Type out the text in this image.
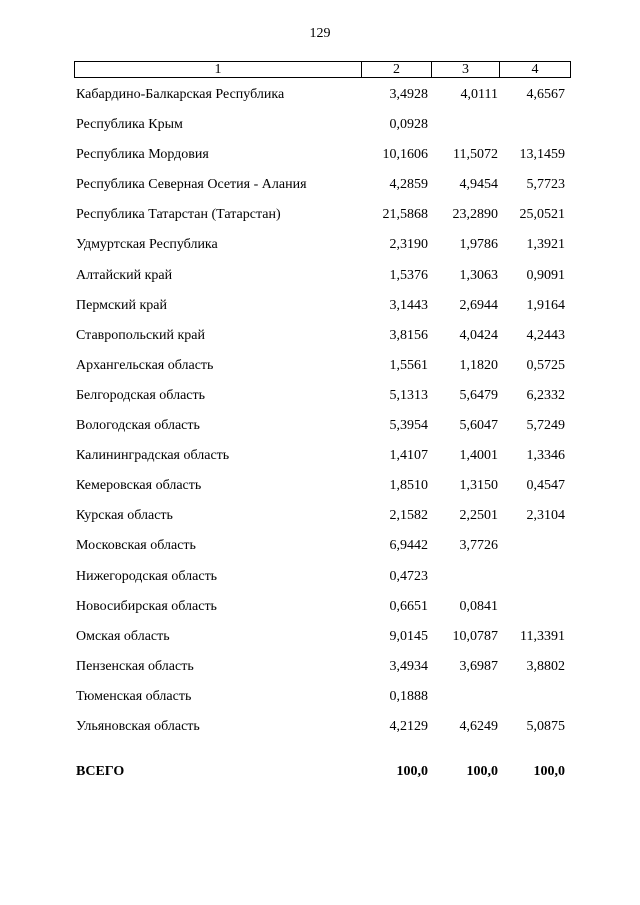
129
1	2	3	4
Кабардино-Балкарская Республика	3,4928 4,0111 4,6567
Республика Крым	0,0928
Республика Мордовия	10,1606 11,5072 13,1459
Республика Северная Осетия - Алания	4,2859 4,9454 5,7723
Республика Татарстан (Татарстан)	21,5868 23,2890 25,0521
Удмуртская Республика	2,3190 1,9786 1,3921
Алтайский край	1,5376 1,3063 0,9091
Пермский край	3,1443 2,6944 1,9164
Ставропольский край	3,8156 4,0424 4,2443
Архангельская область	1,5561 1,1820 0,5725
Белгородская область	5,1313 5,6479 6,2332
Вологодская область	5,3954 5,6047 5,7249
Калининградская область	1,4107 1,4001 1,3346
Кемеровская область	1,8510 1,3150 0,4547
Курская область	2,1582 2,2501 2,3104
Московская область	6,9442 3,7726
Нижегородская область	0,4723
Новосибирская область	0,6651 0,0841
Омская область	9,0145 10,0787 11,3391
Пензенская область	3,4934 3,6987 3,8802
Тюменская область	0,1888
Ульяновская область	4,2129 4,6249 5,0875
ВСЕГО	100,0	100,0	100,0
